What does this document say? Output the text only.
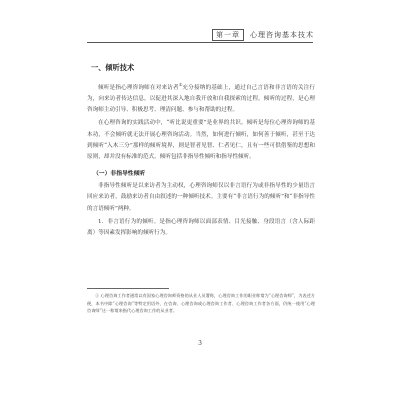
第一章	心理咨询基本技术
一、倾听技术

倾听是指心理咨询师在对来访者①充分接纳的基础上，通过自己言语和非言语的关注行为，向来访者传达信息，以促进其深入地自我开放和自我探索的过程。倾听的过程，是心理咨询师主动引导、积极思考、理清问题、参与和帮助的过程。

在心理咨询的实践活动中，“听比说更重要”是业界的共识。倾听是每位心理咨询师的基本功，不会倾听就无法开展心理咨询活动。当然，如何进行倾听，如何善于倾听，甚至于达到倾听“入木三分”那样的倾听境界，则是智者见智、仁者见仁，且有一些可供借鉴的思想和原则，却并没有标准的范式。倾听包括非指导性倾听和指导性倾听。

（一）非指导性倾听

非指导性倾听是以来访者为主动权，心理咨询师仅以非言语行为或非指导性的少量语言回应来访者，鼓励来访者自由叙述的一种倾听技术。主要有“非言语行为的倾听”和“非指导性的言语倾听”两种。

1．非言语行为的倾听。是指心理咨询师以面部表情、目光接触、身段语言（含人际距离）等因素发挥影响的倾听行为。

① 心理咨询工作者通常以有国家心理咨询师资格的从业人员署称，心理咨询工作的职业称谓为“心理咨询师”，为表述方便，本书中除“心理咨询”等特定用语外，在咨询、心理咨询或心理咨询工作者、心理咨询工作者各方面，仍统一使用“心理咨询师”这一称谓来指代心理咨询工作的从业者。

3
